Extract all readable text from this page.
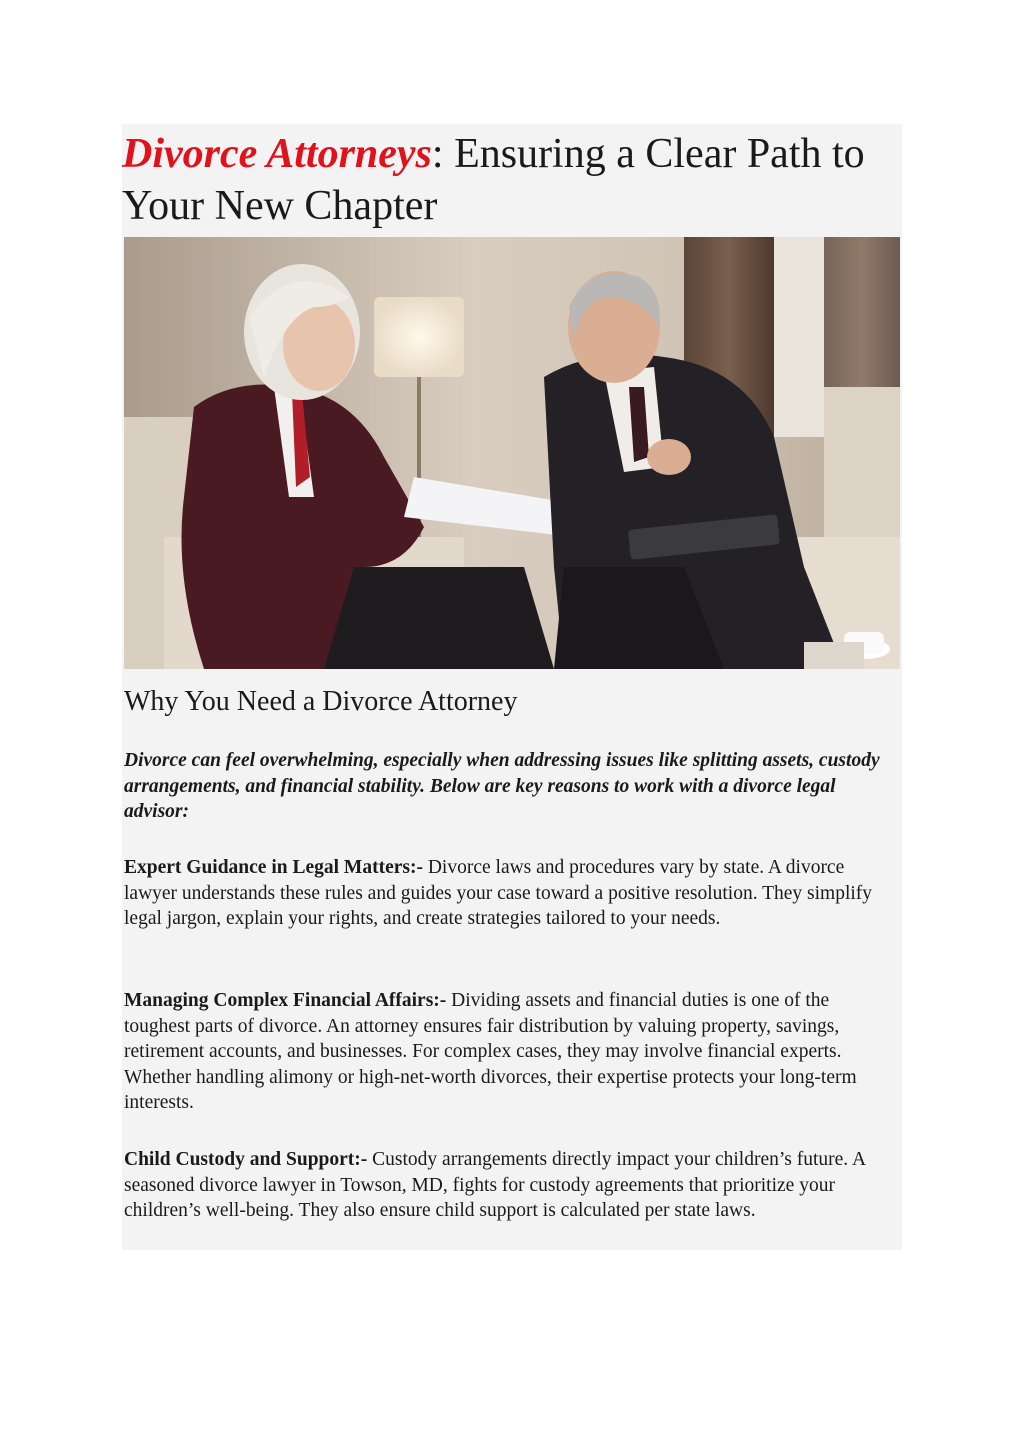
Divorce Attorneys: Ensuring a Clear Path to Your New Chapter
Why You Need a Divorce Attorney

Divorce can feel overwhelming, especially when addressing issues like splitting assets, custody arrangements, and financial stability. Below are key reasons to work with a divorce legal advisor:

Expert Guidance in Legal Matters:- Divorce laws and procedures vary by state. A divorce lawyer understands these rules and guides your case toward a positive resolution. They simplify legal jargon, explain your rights, and create strategies tailored to your needs.

Managing Complex Financial Affairs:- Dividing assets and financial duties is one of the toughest parts of divorce. An attorney ensures fair distribution by valuing property, savings, retirement accounts, and businesses. For complex cases, they may involve financial experts. Whether handling alimony or high-net-worth divorces, their expertise protects your long-term interests.

Child Custody and Support:- Custody arrangements directly impact your children’s future. A seasoned divorce lawyer in Towson, MD, fights for custody agreements that prioritize your children’s well-being. They also ensure child support is calculated per state laws.
